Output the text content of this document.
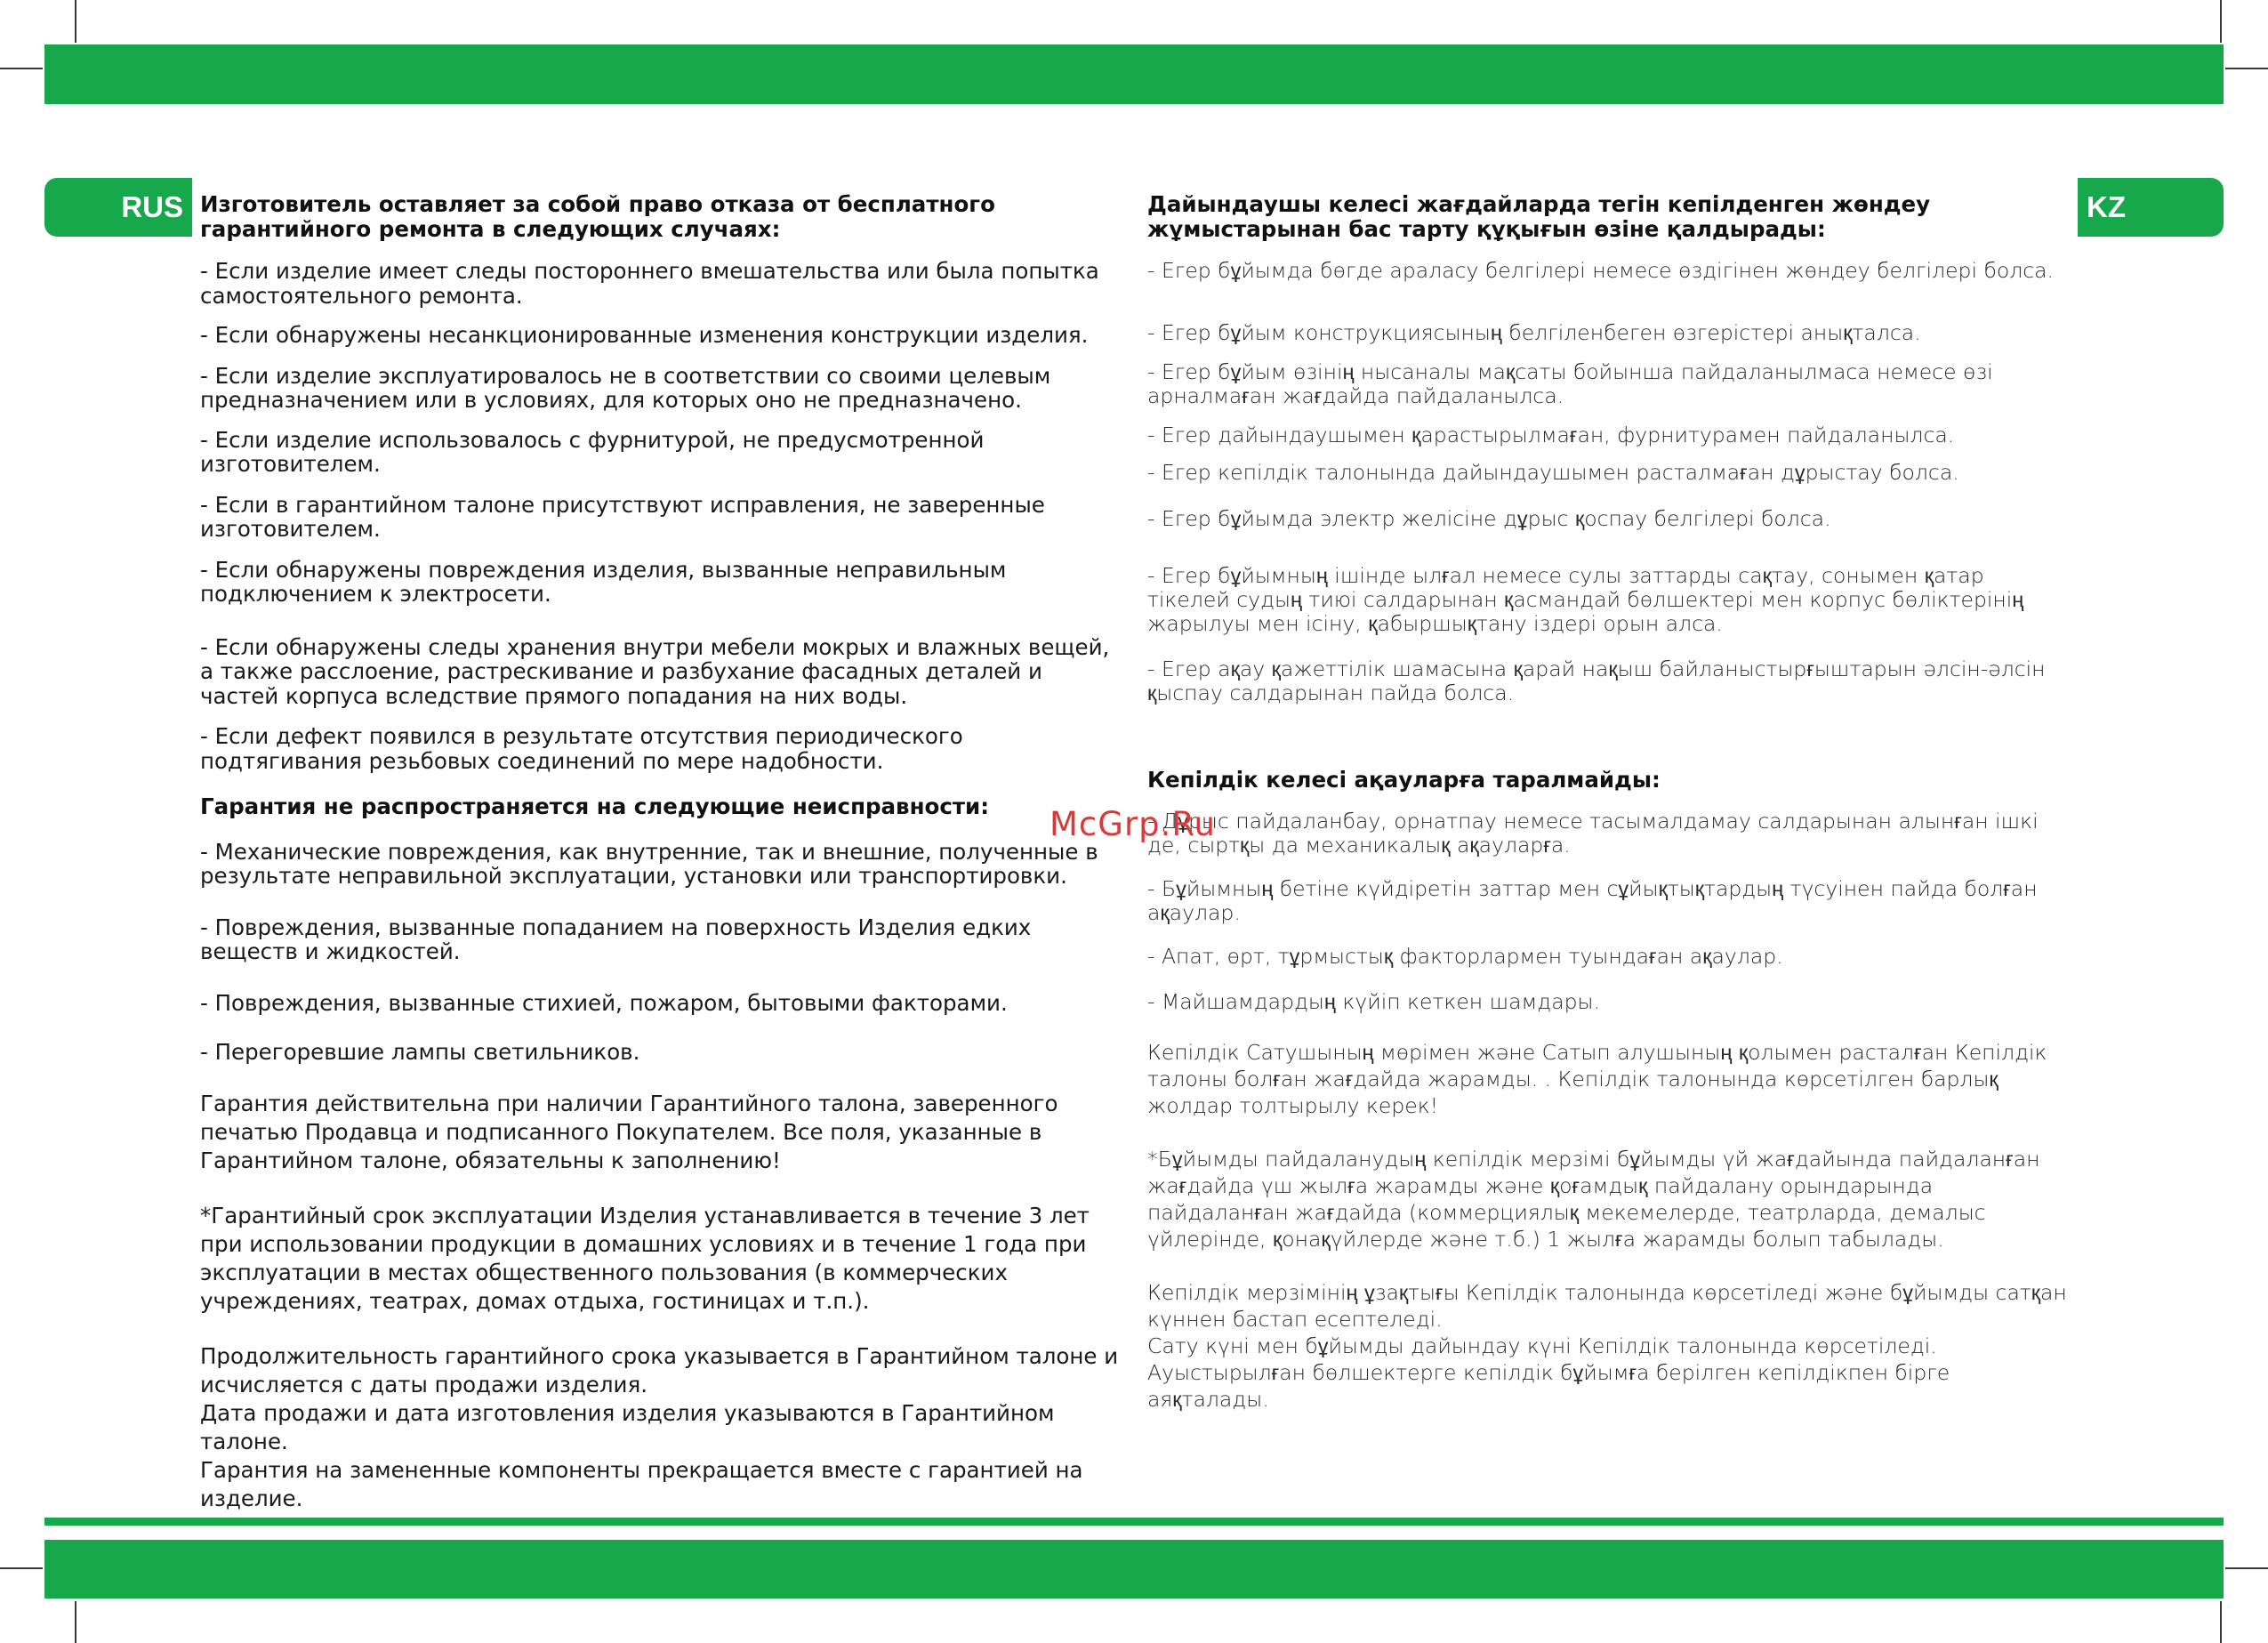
RUS	KZ

Изготовитель оставляет за собой право отказа от бесплатного гарантийного ремонта в следующих случаях:

- Если изделие имеет следы постороннего вмешательства или была попытка самостоятельного ремонта.

- Если обнаружены несанкционированные изменения конструкции изделия.

- Если изделие эксплуатировалось не в соответствии со своими целевым предназначением или в условиях, для которых оно не предназначено.

- Если изделие использовалось с фурнитурой, не предусмотренной изготовителем.

- Если в гарантийном талоне присутствуют исправления, не заверенные изготовителем.

- Если обнаружены повреждения изделия, вызванные неправильным подключением к электросети.

- Если обнаружены следы хранения внутри мебели мокрых и влажных вещей, а также расслоение, растрескивание и разбухание фасадных деталей и частей корпуса вследствие прямого попадания на них воды.

- Если дефект появился в результате отсутствия периодического подтягивания резьбовых соединений по мере надобности.

Гарантия не распространяется на следующие неисправности:

- Механические повреждения, как внутренние, так и внешние, полученные в результате неправильной эксплуатации, установки или транспортировки.

- Повреждения, вызванные попаданием на поверхность Изделия едких веществ и жидкостей.

- Повреждения, вызванные стихией, пожаром, бытовыми факторами.

- Перегоревшие лампы светильников.

Гарантия действительна при наличии Гарантийного талона, заверенного печатью Продавца и подписанного Покупателем. Все поля, указанные в Гарантийном талоне, обязательны к заполнению!

*Гарантийный срок эксплуатации Изделия устанавливается в течение 3 лет при использовании продукции в домашних условиях и в течение 1 года при эксплуатации в местах общественного пользования (в коммерческих учреждениях, театрах, домах отдыха, гостиницах и т.п.).

Продолжительность гарантийного срока указывается в Гарантийном талоне и исчисляется с даты продажи изделия.

Дата продажи и дата изготовления изделия указываются в Гарантийном талоне.

Гарантия на замененные компоненты прекращается вместе с гарантией на изделие.

Дайындаушы келесі жағдайларда тегін кепілденген жөндеу жұмыстарынан бас тарту құқығын өзіне қалдырады:

- Егер бұйымда бөгде араласу белгілері немесе өздігінен жөндеу белгілері болса.

- Егер бұйым конструкциясының белгіленбеген өзгерістері анықталса.

- Егер бұйым өзінің нысаналы мақсаты бойынша пайдаланылмаса немесе өзі арналмаған жағдайда пайдаланылса.

- Егер дайындаушымен қарастырылмаған, фурнитурамен пайдаланылса.

- Егер кепілдік талонында дайындаушымен расталмаған дұрыстау болса.

- Егер бұйымда электр желісіне дұрыс қоспау белгілері болса.

- Егер бұйымның ішінде ылғал немесе сулы заттарды сақтау, сонымен қатар тікелей судың тиюі салдарынан қасмандай бөлшектері мен корпус бөліктерінің жарылуы мен ісіну, қабыршықтану іздері орын алса.

- Егер ақау қажеттілік шамасына қарай нақыш байланыстырғыштарын әлсін-әлсін қыспау салдарынан пайда болса.

Кепілдік келесі ақауларға таралмайды:

- Дұрыс пайдаланбау, орнатпау немесе тасымалдамау салдарынан алынған ішкі де, сыртқы да механикалық ақауларға.

- Бұйымның бетіне күйдіретін заттар мен сұйықтықтардың түсуінен пайда болған ақаулар.

- Апат, өрт, тұрмыстық факторлармен туындаған ақаулар.

- Майшамдардың күйіп кеткен шамдары.

Кепілдік Сатушының мөрімен және Сатып алушының қолымен расталған Кепілдік талоны болған жағдайда жарамды. . Кепілдік талонында көрсетілген барлық жолдар толтырылу керек!

*Бұйымды пайдаланудың кепілдік мерзімі бұйымды үй жағдайында пайдаланған жағдайда үш жылға жарамды және қоғамдық пайдалану орындарында пайдаланған жағдайда (коммерциялық мекемелерде, театрларда, демалыс үйлерінде, қонақүйлерде және т.б.) 1 жылға жарамды болып табылады.

Кепілдік мерзімінің ұзақтығы Кепілдік талонында көрсетіледі және бұйымды сатқан күннен бастап есептеледі.

Сату күні мен бұйымды дайындау күні Кепілдік талонында көрсетіледі.

Ауыстырылған бөлшектерге кепілдік бұйымға берілген кепілдікпен бірге аяқталады.

McGrp.Ru
